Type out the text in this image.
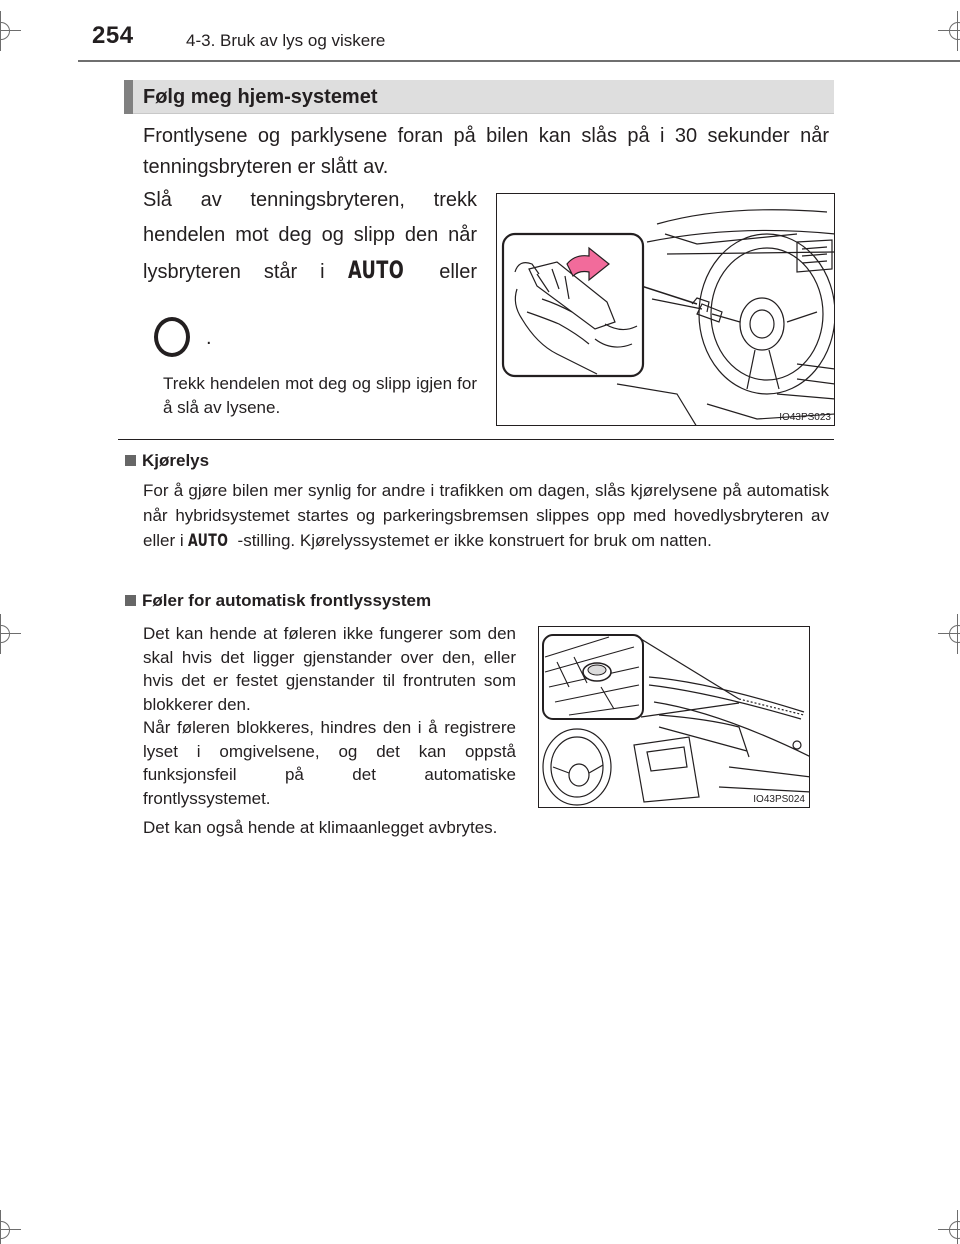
254	4-3. Bruk av lys og viskere
Følg meg hjem-systemet
Frontlysene og parklysene foran på bilen kan slås på i 30 sekunder når tenningsbryteren er slått av.
Slå av tenningsbryteren, trekk hendelen mot deg og slipp den når lysbryteren står i AUTO eller
.
Trekk hendelen mot deg og slipp igjen for å slå av lysene.
IO43PS023
Kjørelys
For å gjøre bilen mer synlig for andre i trafikken om dagen, slås kjørelysene på automatisk når hybridsystemet startes og parkeringsbremsen slippes opp med hovedlysbryteren av eller i AUTO -stilling. Kjørelyssystemet er ikke konstruert for bruk om natten.
Føler for automatisk frontlyssystem
Det kan hende at føleren ikke fungerer som den skal hvis det ligger gjenstander over den, eller hvis det er festet gjenstander til frontruten som blokkerer den.
Når føleren blokkeres, hindres den i å registrere lyset i omgivelsene, og det kan oppstå funksjonsfeil på det automatiske frontlyssystemet.
Det kan også hende at klimaanlegget avbrytes.
IO43PS024
